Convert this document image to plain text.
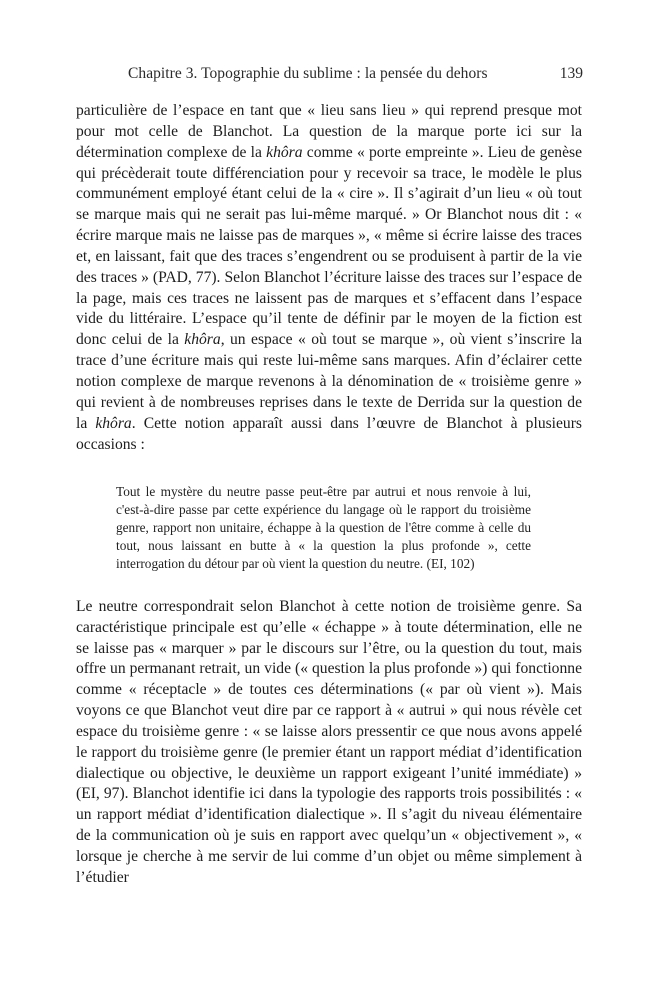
Chapitre 3. Topographie du sublime : la pensée du dehors	139

particulière de l’espace en tant que « lieu sans lieu » qui reprend presque mot pour mot celle de Blanchot. La question de la marque porte ici sur la détermination complexe de la khôra comme « porte empreinte ». Lieu de genèse qui précèderait toute différenciation pour y recevoir sa trace, le modèle le plus communément employé étant celui de la « cire ». Il s’agirait d’un lieu « où tout se marque mais qui ne serait pas lui-même marqué. » Or Blanchot nous dit : « écrire marque mais ne laisse pas de marques », « même si écrire laisse des traces et, en laissant, fait que des traces s’engendrent ou se produisent à partir de la vie des traces » (PAD, 77). Selon Blanchot l’écriture laisse des traces sur l’espace de la page, mais ces traces ne laissent pas de marques et s’effacent dans l’espace vide du littéraire. L’espace qu’il tente de définir par le moyen de la fiction est donc celui de la khôra, un espace « où tout se marque », où vient s’inscrire la trace d’une écriture mais qui reste lui-même sans marques. Afin d’éclairer cette notion complexe de marque revenons à la dénomination de « troisième genre » qui revient à de nombreuses reprises dans le texte de Derrida sur la question de la khôra. Cette notion apparaît aussi dans l’œuvre de Blanchot à plusieurs occasions :

Tout le mystère du neutre passe peut-être par autrui et nous renvoie à lui, c'est-à-dire passe par cette expérience du langage où le rapport du troisième genre, rapport non unitaire, échappe à la question de l'être comme à celle du tout, nous laissant en butte à « la question la plus profonde », cette interrogation du détour par où vient la question du neutre. (EI, 102)

Le neutre correspondrait selon Blanchot à cette notion de troisième genre. Sa caractéristique principale est qu’elle « échappe » à toute détermination, elle ne se laisse pas « marquer » par le discours sur l’être, ou la question du tout, mais offre un permanant retrait, un vide (« question la plus profonde ») qui fonctionne comme « réceptacle » de toutes ces déterminations (« par où vient »). Mais voyons ce que Blanchot veut dire par ce rapport à « autrui » qui nous révèle cet espace du troisième genre : « se laisse alors pressentir ce que nous avons appelé le rapport du troisième genre (le premier étant un rapport médiat d’identification dialectique ou objective, le deuxième un rapport exigeant l’unité immédiate) » (EI, 97). Blanchot identifie ici dans la typologie des rapports trois possibilités : « un rapport médiat d’identification dialectique ». Il s’agit du niveau élémentaire de la communication où je suis en rapport avec quelqu’un « objectivement », « lorsque je cherche à me servir de lui comme d’un objet ou même simplement à l’étudier
